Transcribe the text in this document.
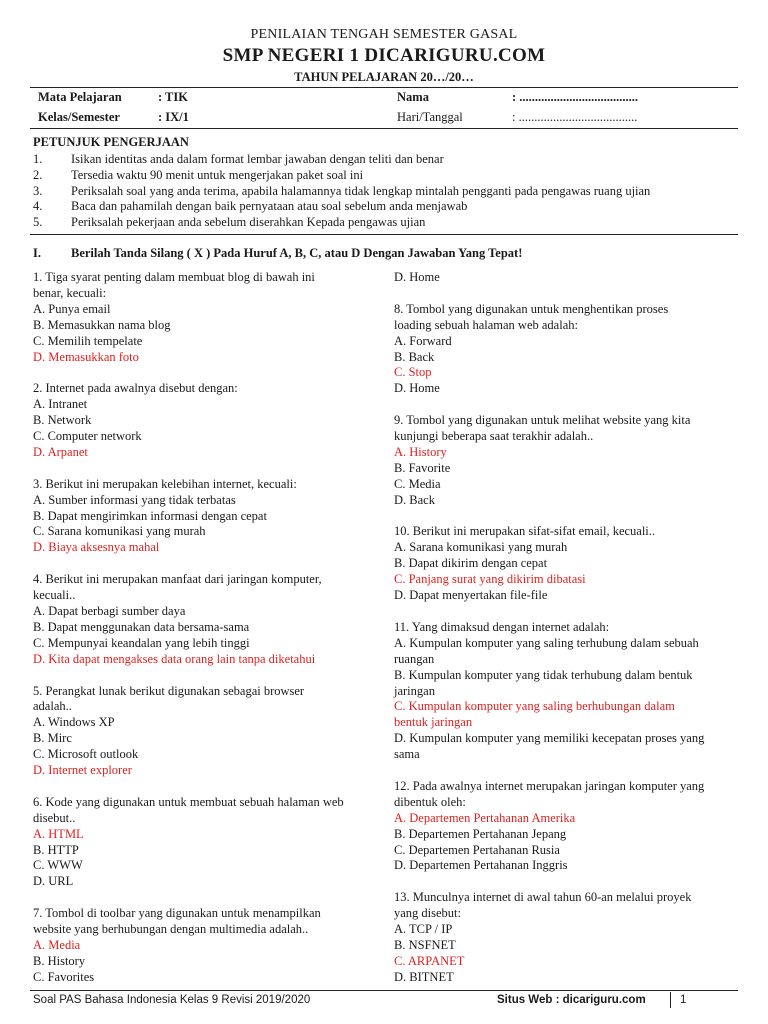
PENILAIAN TENGAH SEMESTER GASAL
SMP NEGERI 1 DICARIGURU.COM
TAHUN PELAJARAN 20…/20…
Mata Pelajaran	: TIK	Nama	: ......................................
Kelas/Semester	: IX/1	Hari/Tanggal	: ......................................
PETUNJUK PENGERJAAN
1. Isikan identitas anda dalam format lembar jawaban dengan teliti dan benar
2. Tersedia waktu 90 menit untuk mengerjakan paket soal ini
3. Periksalah soal yang anda terima, apabila halamannya tidak lengkap mintalah pengganti pada pengawas ruang ujian
4. Baca dan pahamilah dengan baik pernyataan atau soal sebelum anda menjawab
5. Periksalah pekerjaan anda sebelum diserahkan Kepada pengawas ujian
I. Berilah Tanda Silang ( X ) Pada Huruf A, B, C, atau D Dengan Jawaban Yang Tepat!
1. Tiga syarat penting dalam membuat blog di bawah ini
benar, kecuali:
A. Punya email
B. Memasukkan nama blog
C. Memilih tempelate
D. Memasukkan foto
2. Internet pada awalnya disebut dengan:
A. Intranet
B. Network
C. Computer network
D. Arpanet
3. Berikut ini merupakan kelebihan internet, kecuali:
A. Sumber informasi yang tidak terbatas
B. Dapat mengirimkan informasi dengan cepat
C. Sarana komunikasi yang murah
D. Biaya aksesnya mahal
4. Berikut ini merupakan manfaat dari jaringan komputer,
kecuali..
A. Dapat berbagi sumber daya
B. Dapat menggunakan data bersama-sama
C. Mempunyai keandalan yang lebih tinggi
D. Kita dapat mengakses data orang lain tanpa diketahui
5. Perangkat lunak berikut digunakan sebagai browser
adalah..
A. Windows XP
B. Mirc
C. Microsoft outlook
D. Internet explorer
6. Kode yang digunakan untuk membuat sebuah halaman web
disebut..
A. HTML
B. HTTP
C. WWW
D. URL
7. Tombol di toolbar yang digunakan untuk menampilkan
website yang berhubungan dengan multimedia adalah..
A. Media
B. History
C. Favorites
D. Home
8. Tombol yang digunakan untuk menghentikan proses
loading sebuah halaman web adalah:
A. Forward
B. Back
C. Stop
D. Home
9. Tombol yang digunakan untuk melihat website yang kita
kunjungi beberapa saat terakhir adalah..
A. History
B. Favorite
C. Media
D. Back
10. Berikut ini merupakan sifat-sifat email, kecuali..
A. Sarana komunikasi yang murah
B. Dapat dikirim dengan cepat
C. Panjang surat yang dikirim dibatasi
D. Dapat menyertakan file-file
11. Yang dimaksud dengan internet adalah:
A. Kumpulan komputer yang saling terhubung dalam sebuah
ruangan
B. Kumpulan komputer yang tidak terhubung dalam bentuk
jaringan
C. Kumpulan komputer yang saling berhubungan dalam
bentuk jaringan
D. Kumpulan komputer yang memiliki kecepatan proses yang
sama
12. Pada awalnya internet merupakan jaringan komputer yang
dibentuk oleh:
A. Departemen Pertahanan Amerika
B. Departemen Pertahanan Jepang
C. Departemen Pertahanan Rusia
D. Departemen Pertahanan Inggris
13. Munculnya internet di awal tahun 60-an melalui proyek
yang disebut:
A. TCP / IP
B. NSFNET
C. ARPANET
D. BITNET
Soal PAS Bahasa Indonesia Kelas 9 Revisi 2019/2020	Situs Web : dicariguru.com	1
